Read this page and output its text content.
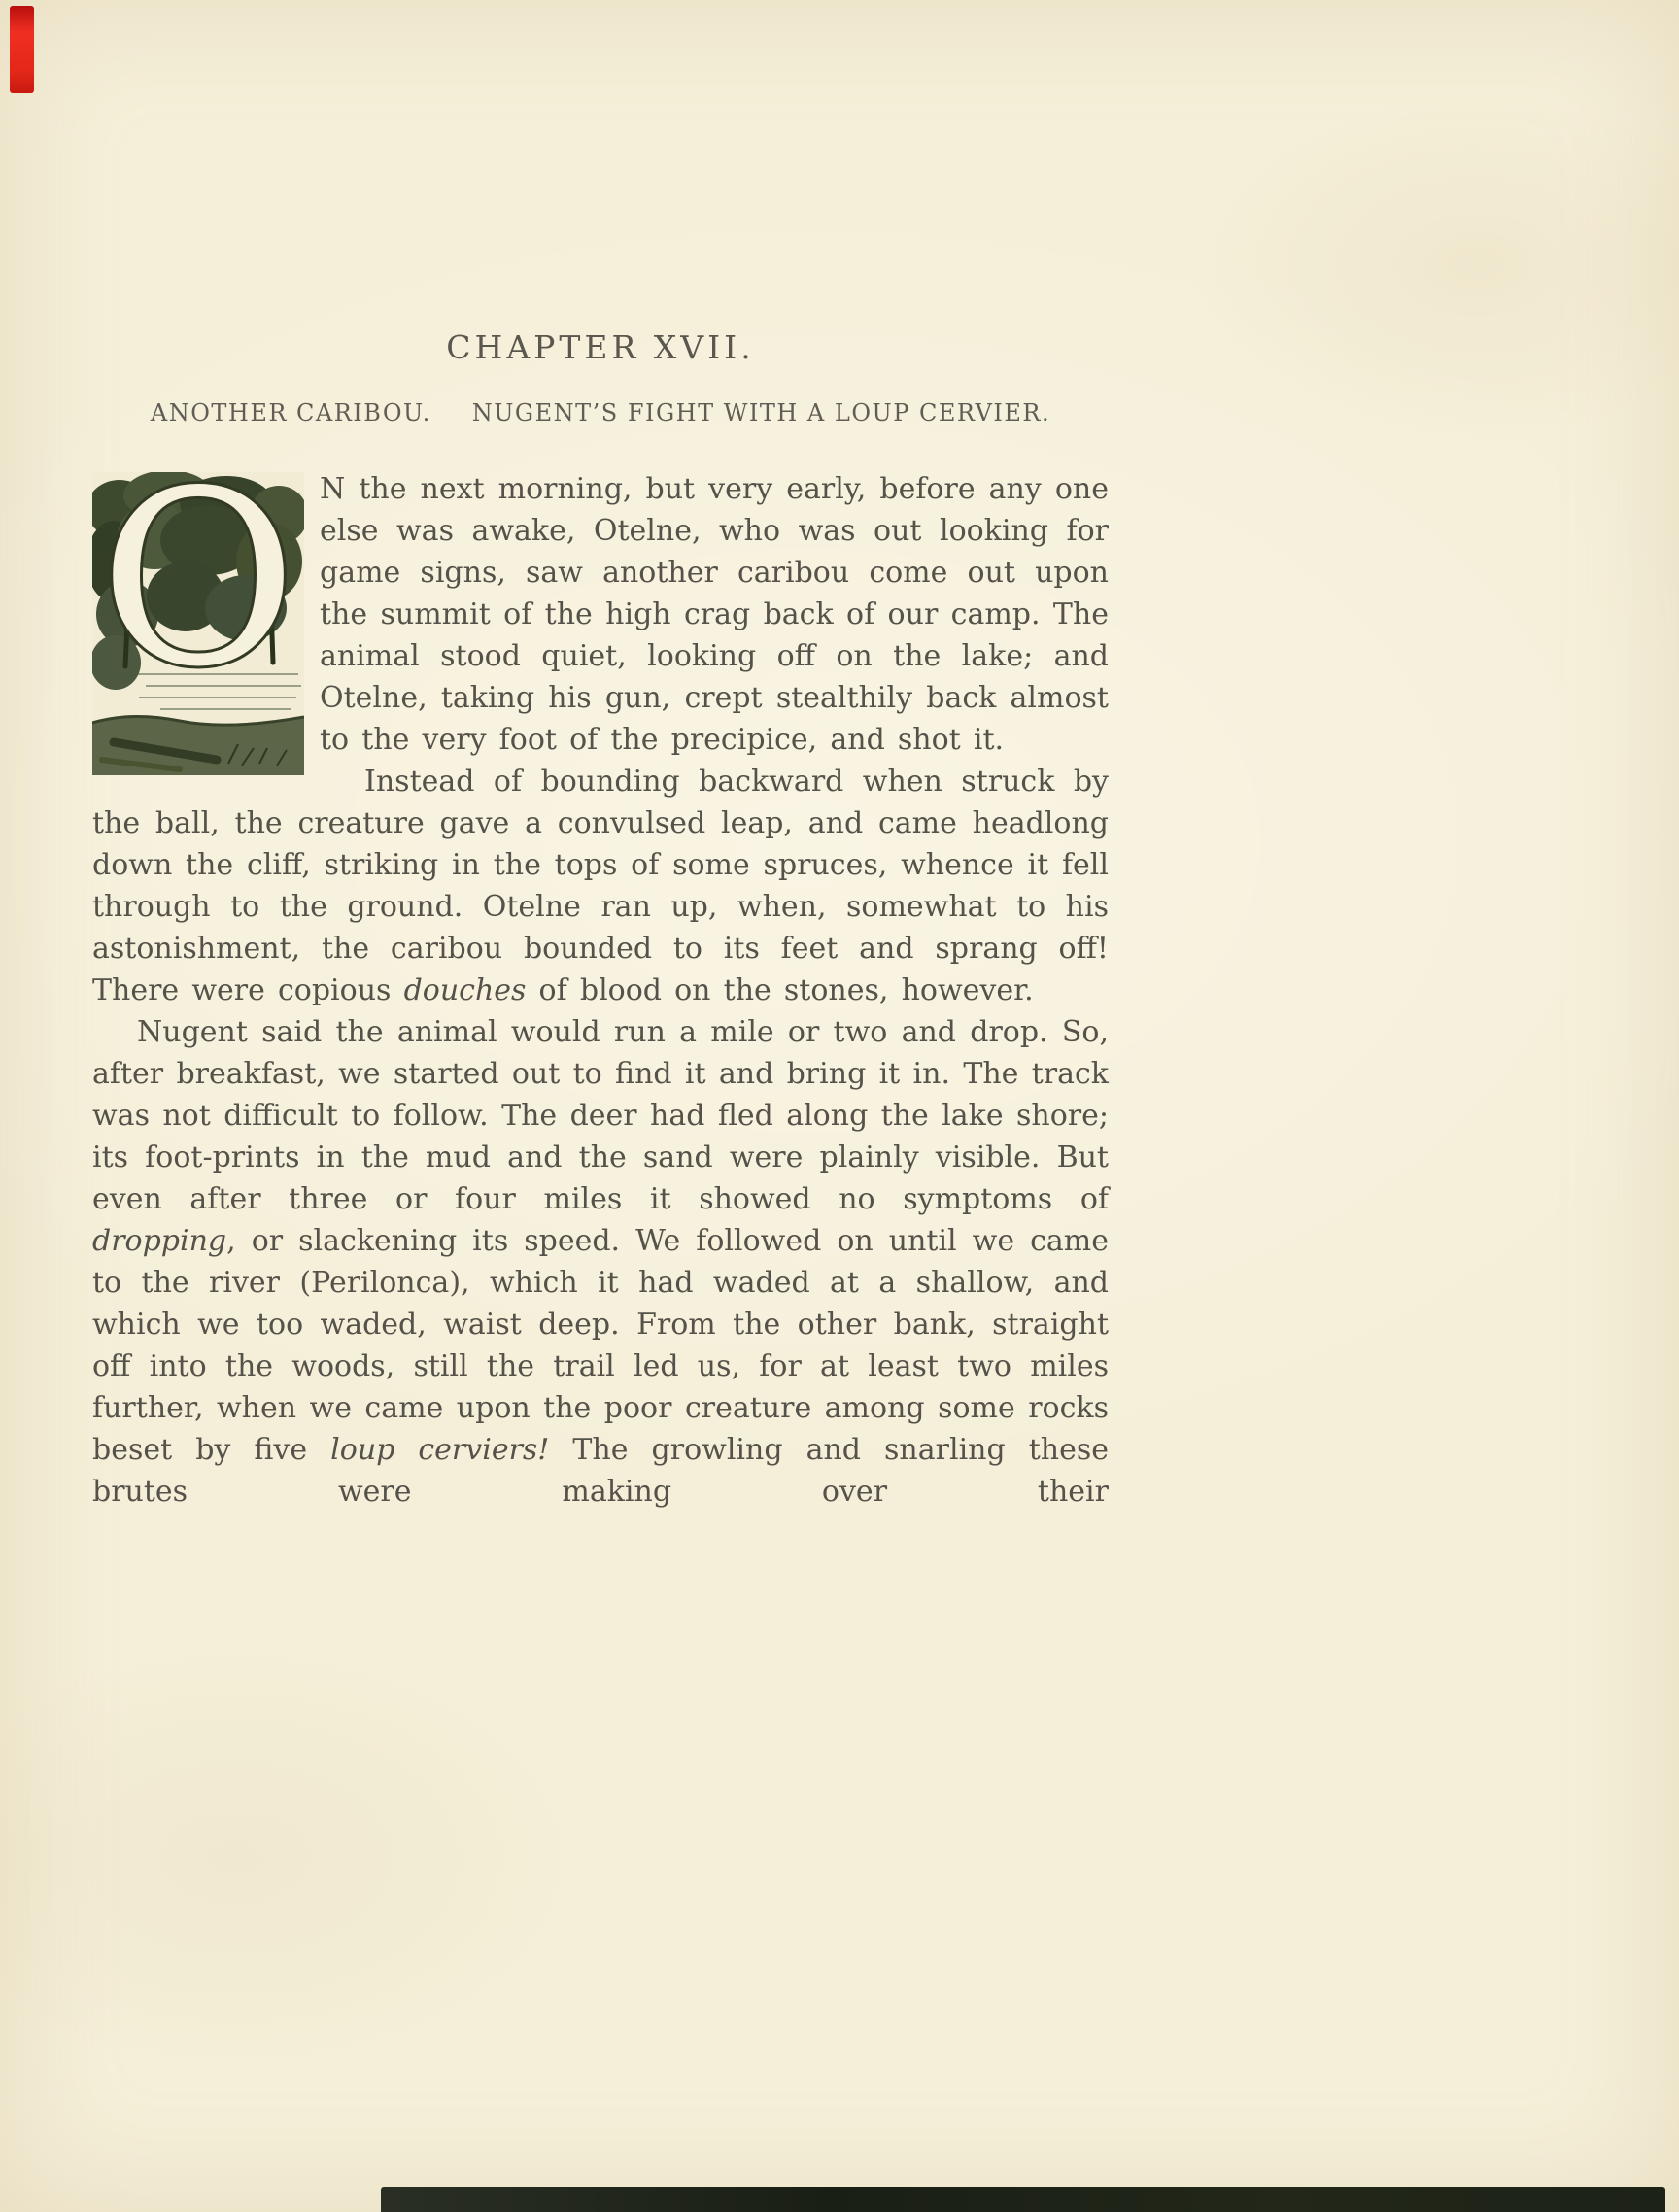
CHAPTER XVII.
ANOTHER CARIBOU. NUGENT’S FIGHT WITH A LOUP CERVIER.
O N the next morning, but very early, before any one else was awake, Otelne, who was out looking for game signs, saw another caribou come out upon the summit of the high crag back of our camp. The animal stood quiet, looking off on the lake; and Otelne, taking his gun, crept stealthily back almost to the very foot of the precipice, and shot it.

Instead of bounding backward when struck by the ball, the creature gave a convulsed leap, and came headlong down the cliff, striking in the tops of some spruces, whence it fell through to the ground. Otelne ran up, when, somewhat to his astonishment, the caribou bounded to its feet and sprang off! There were copious douches of blood on the stones, however.

Nugent said the animal would run a mile or two and drop. So, after breakfast, we started out to find it and bring it in. The track was not difficult to follow. The deer had fled along the lake shore; its foot-prints in the mud and the sand were plainly visible. But even after three or four miles it showed no symptoms of dropping, or slackening its speed. We followed on until we came to the river (Perilonca), which it had waded at a shallow, and which we too waded, waist deep. From the other bank, straight off into the woods, still the trail led us, for at least two miles further, when we came upon the poor creature among some rocks beset by five loup cerviers! The growling and snarling these brutes were making over their
